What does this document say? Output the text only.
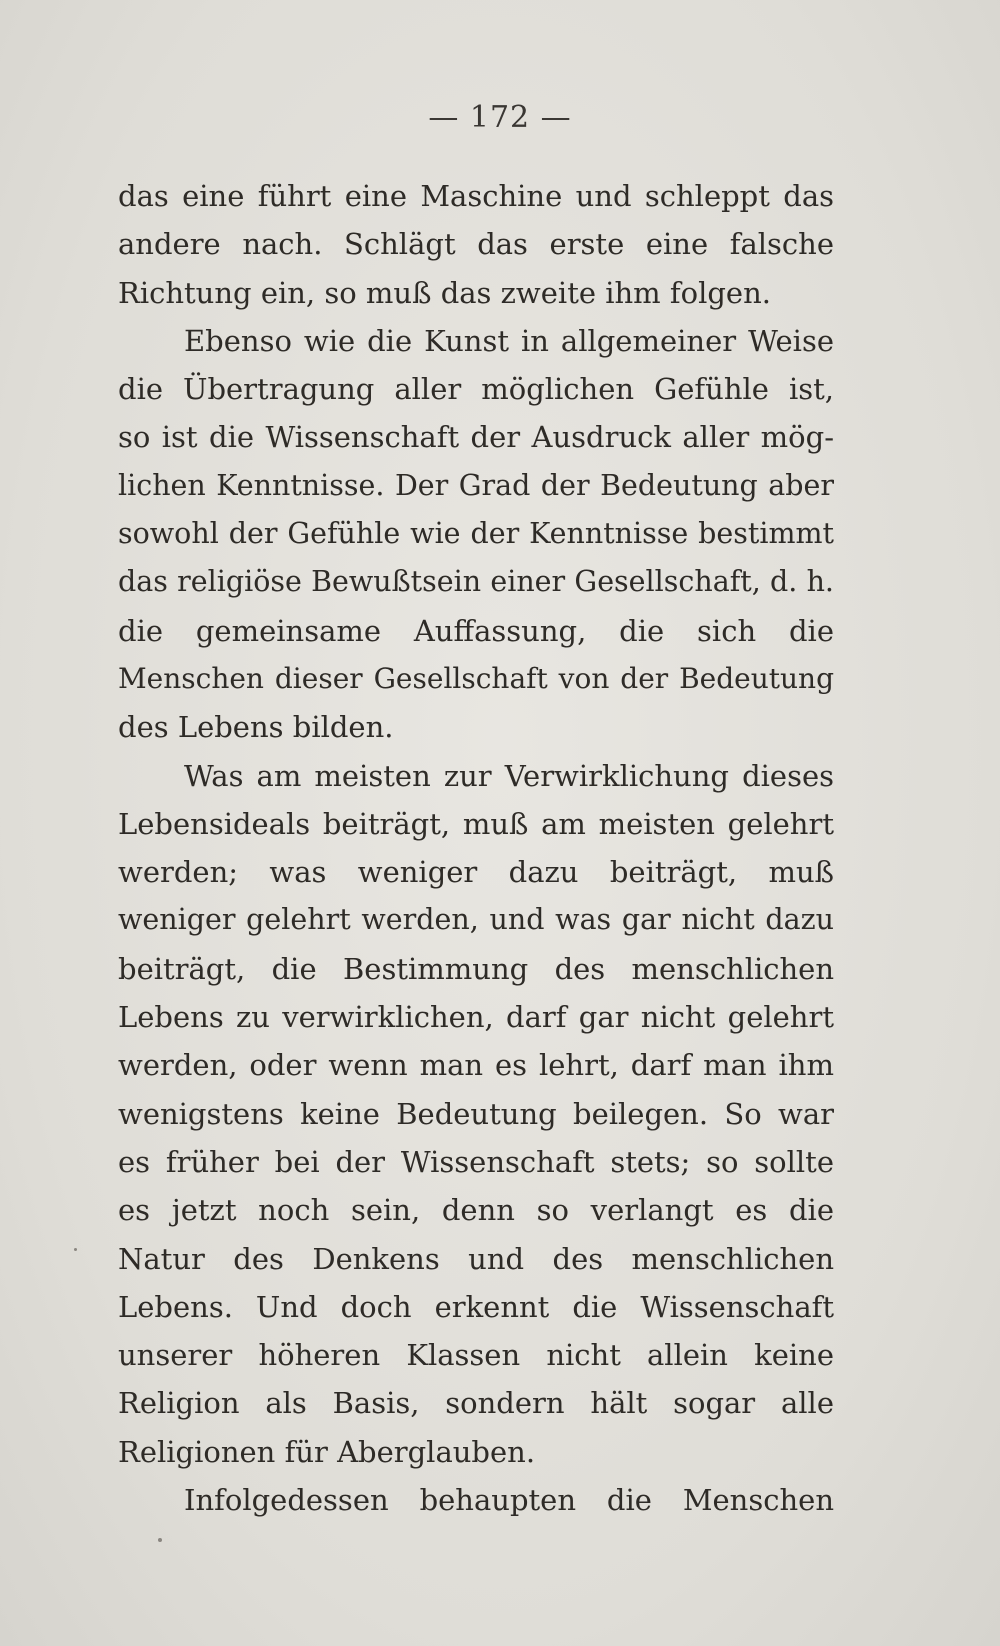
— 172 —
das eine führt eine Maschine und schleppt das
andere nach. Schlägt das erste eine falsche
Richtung ein, so muß das zweite ihm folgen.
Ebenso wie die Kunst in allgemeiner Weise
die Übertragung aller möglichen Gefühle ist,
so ist die Wissenschaft der Ausdruck aller mög-
lichen Kenntnisse. Der Grad der Bedeutung aber
sowohl der Gefühle wie der Kenntnisse bestimmt
das religiöse Bewußtsein einer Gesellschaft, d. h.
die gemeinsame Auffassung, die sich die
Menschen dieser Gesellschaft von der Bedeutung
des Lebens bilden.
Was am meisten zur Verwirklichung dieses
Lebensideals beiträgt, muß am meisten gelehrt
werden; was weniger dazu beiträgt, muß
weniger gelehrt werden, und was gar nicht dazu
beiträgt, die Bestimmung des menschlichen
Lebens zu verwirklichen, darf gar nicht gelehrt
werden, oder wenn man es lehrt, darf man ihm
wenigstens keine Bedeutung beilegen. So war
es früher bei der Wissenschaft stets; so sollte
es jetzt noch sein, denn so verlangt es die
Natur des Denkens und des menschlichen
Lebens. Und doch erkennt die Wissenschaft
unserer höheren Klassen nicht allein keine
Religion als Basis, sondern hält sogar alle
Religionen für Aberglauben.
Infolgedessen behaupten die Menschen
